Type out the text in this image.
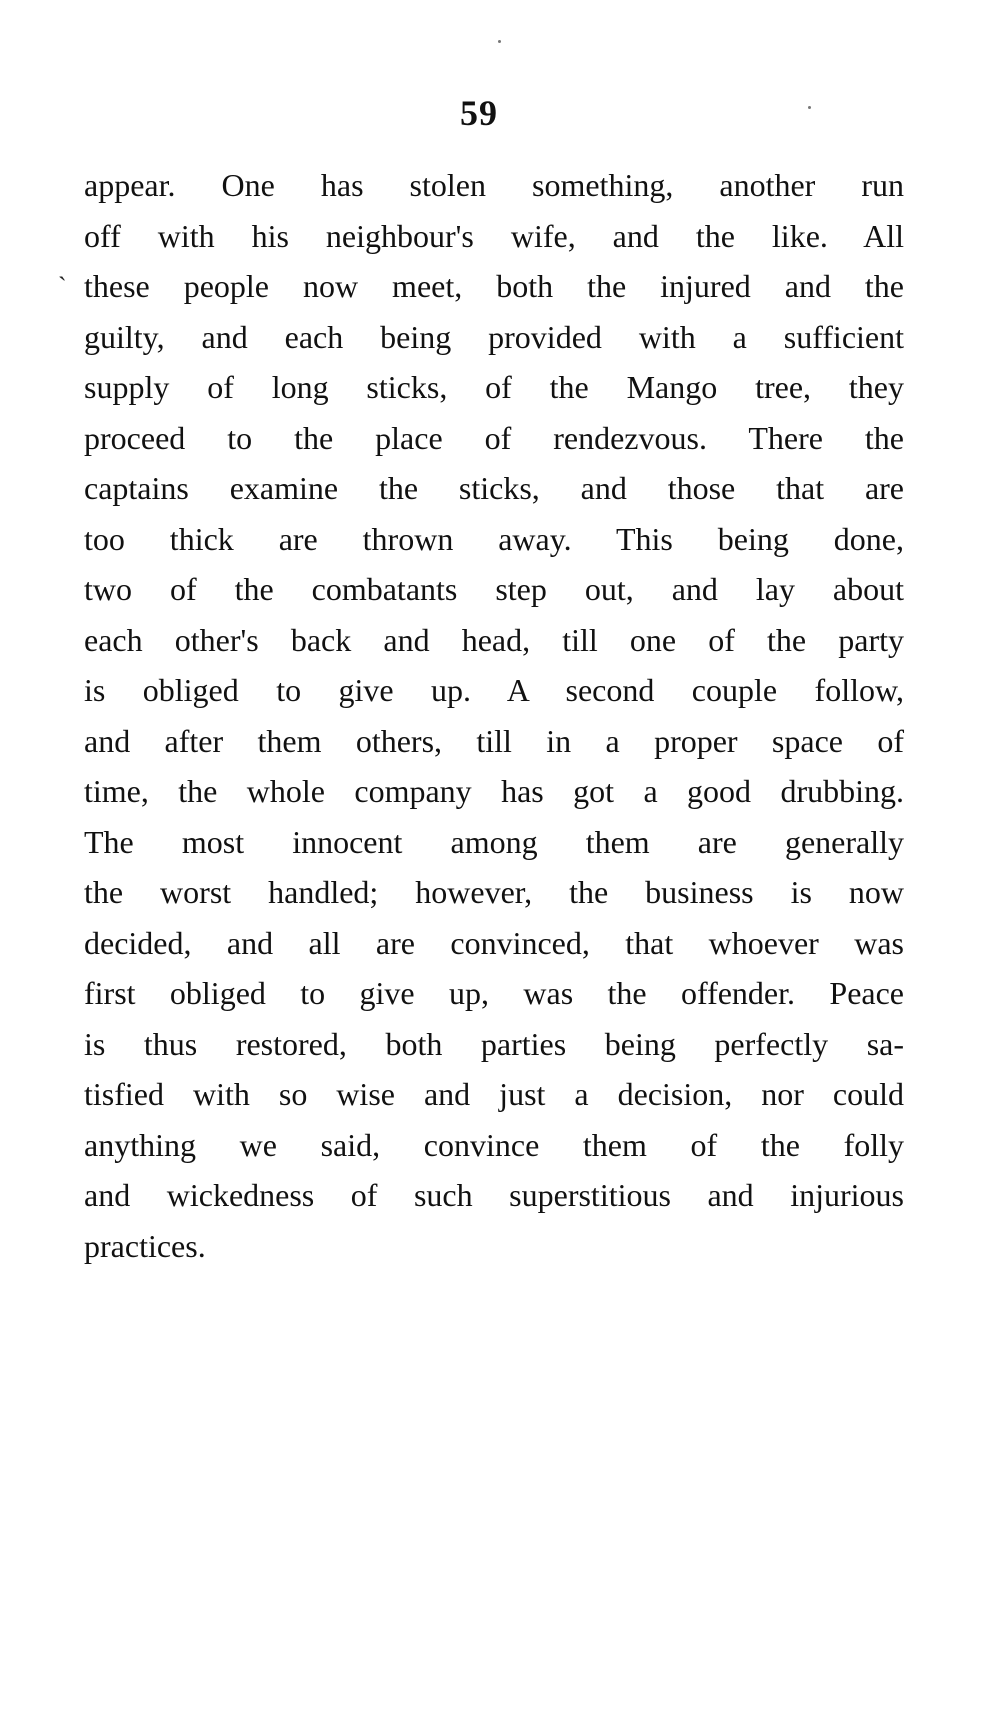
59
ˏ
appear. One has stolen something, another run
off with his neighbour's wife, and the like. All
these people now meet, both the injured and the
guilty, and each being provided with a sufficient
supply of long sticks, of the Mango tree, they
proceed to the place of rendezvous. There the
captains examine the sticks, and those that are
too thick are thrown away. This being done,
two of the combatants step out, and lay about
each other's back and head, till one of the party
is obliged to give up. A second couple follow,
and after them others, till in a proper space of
time, the whole company has got a good drubbing.
The most innocent among them are generally
the worst handled; however, the business is now
decided, and all are convinced, that whoever was
first obliged to give up, was the offender. Peace
is thus restored, both parties being perfectly sa-
tisfied with so wise and just a decision, nor could
anything we said, convince them of the folly
and wickedness of such superstitious and injurious
practices.
